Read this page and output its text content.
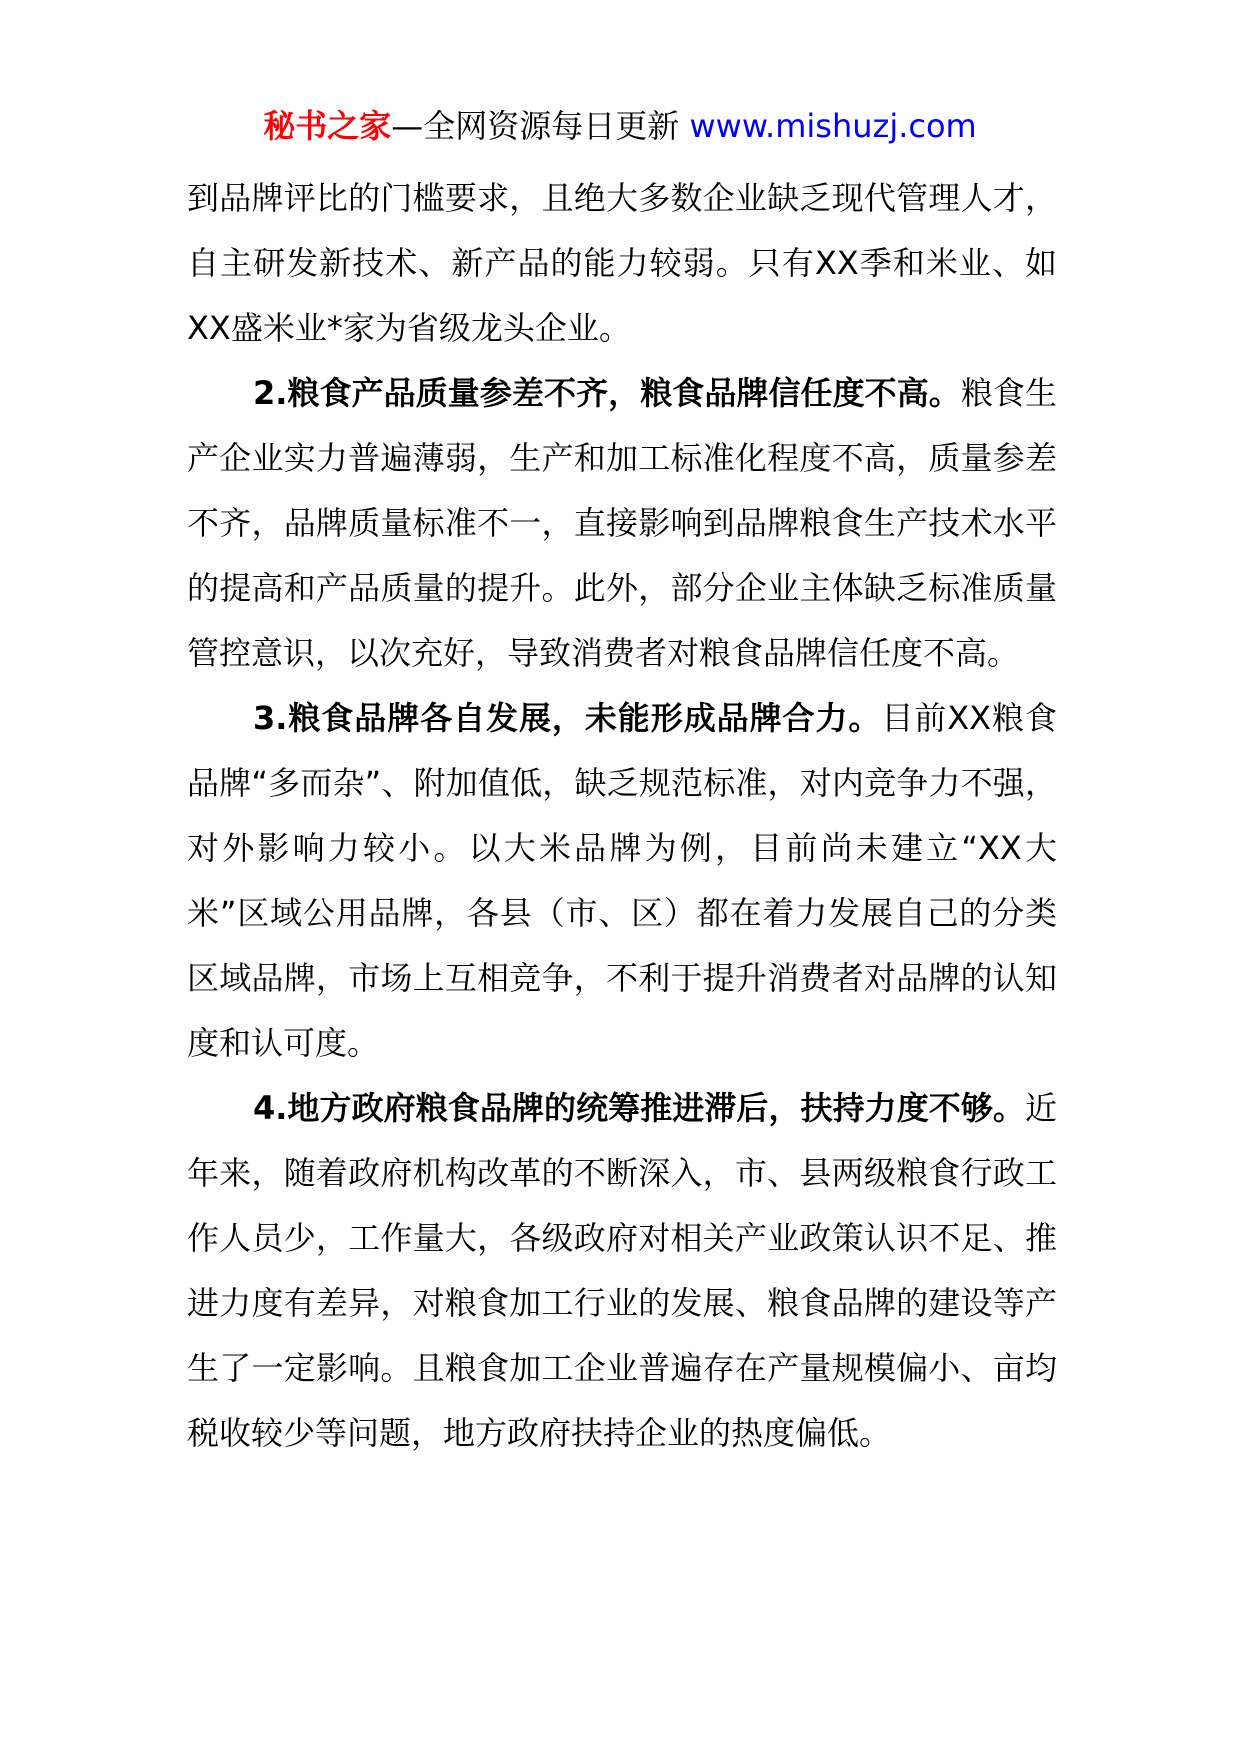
秘书之家—全网资源每日更新 www.mishuzj.com

到品牌评比的门槛要求，且绝大多数企业缺乏现代管理人才，自主研发新技术、新产品的能力较弱。只有XX季和米业、如XX盛米业*家为省级龙头企业。

2.粮食产品质量参差不齐，粮食品牌信任度不高。粮食生产企业实力普遍薄弱，生产和加工标准化程度不高，质量参差不齐，品牌质量标准不一，直接影响到品牌粮食生产技术水平的提高和产品质量的提升。此外，部分企业主体缺乏标准质量管控意识，以次充好，导致消费者对粮食品牌信任度不高。

3.粮食品牌各自发展，未能形成品牌合力。目前XX粮食品牌“多而杂”、附加值低，缺乏规范标准，对内竞争力不强，对外影响力较小。以大米品牌为例，目前尚未建立“XX大米”区域公用品牌，各县（市、区）都在着力发展自己的分类区域品牌，市场上互相竞争，不利于提升消费者对品牌的认知度和认可度。

4.地方政府粮食品牌的统筹推进滞后，扶持力度不够。近年来，随着政府机构改革的不断深入，市、县两级粮食行政工作人员少，工作量大，各级政府对相关产业政策认识不足、推进力度有差异，对粮食加工行业的发展、粮食品牌的建设等产生了一定影响。且粮食加工企业普遍存在产量规模偏小、亩均税收较少等问题，地方政府扶持企业的热度偏低。
